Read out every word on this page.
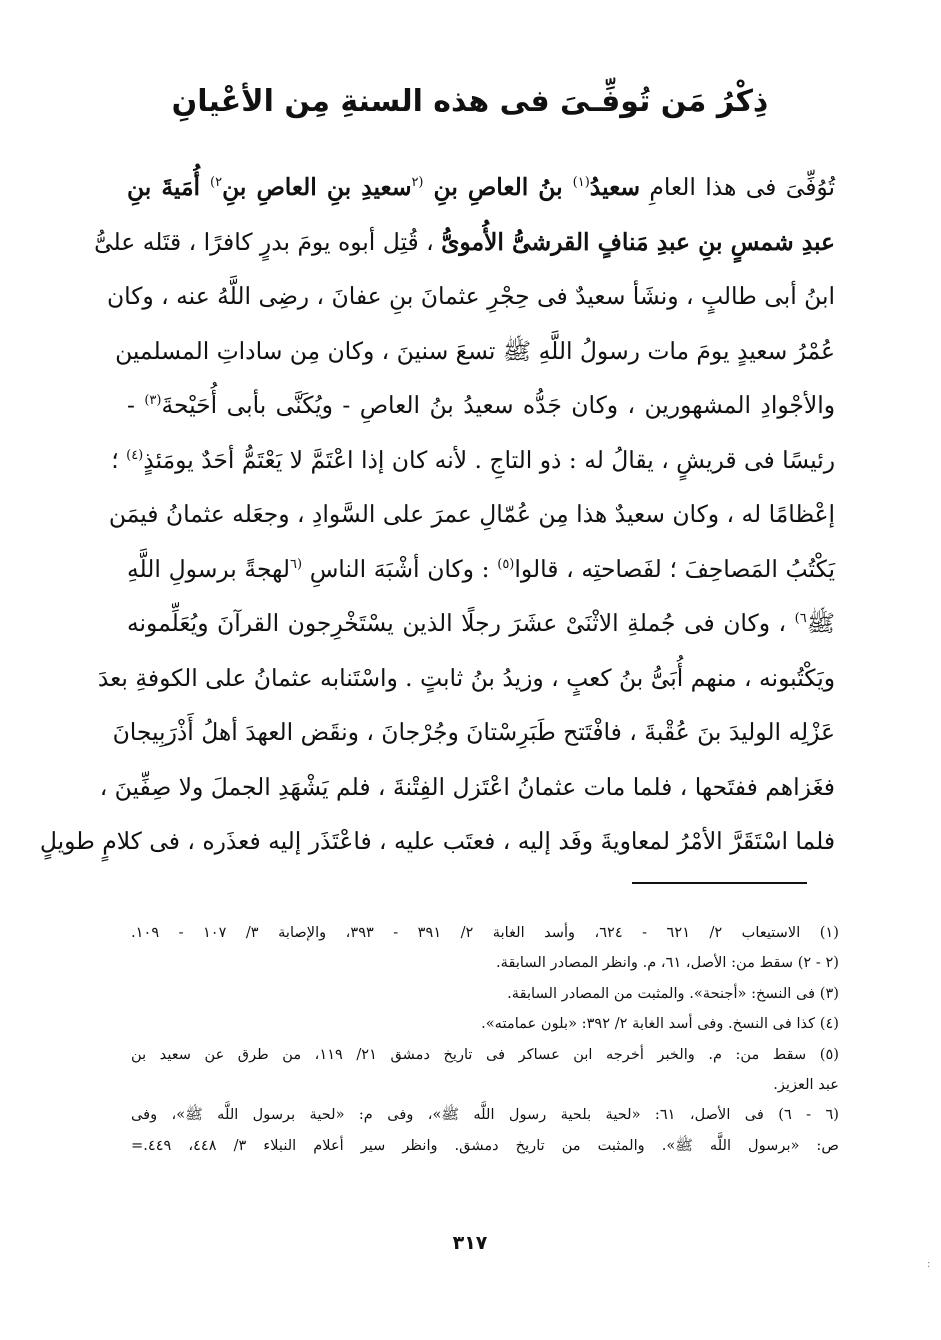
ذِكْرُ مَن تُوفِّـىَ فى هذه السنةِ مِن الأعْيانِ
تُوُفِّىَ فى هذا العامِ سعيدُ$^{(١)}$ بنُ العاصِ بنِ $^{(٢}$سعيدِ بنِ العاصِ بنِ$^{٢)}$ أُمَيةَ بنِ
عبدِ شمسٍ بنِ عبدِ مَنافٍ القرشىُّ الأُموىُّ ، قُتِل أبوه يومَ بدرٍ كافرًا ، قتَله علىُّ
ابنُ أبى طالبٍ ، ونشَأ سعيدٌ فى حِجْرِ عثمانَ بنِ عفانَ ، رضِى اللَّهُ عنه ، وكان
عُمْرُ سعيدٍ يومَ مات رسولُ اللَّهِ ﷺ تسعَ سنينَ ، وكان مِن ساداتِ المسلمين
والأجْوادِ المشهورين ، وكان جَدُّه سعيدُ بنُ العاصِ - ويُكَنَّى بأبى أُحَيْحةَ$^{(٣)}$ -
رئيسًا فى قريشٍ ، يقالُ له : ذو التاجِ . لأنه كان إذا اعْتَمَّ لا يَعْتَمُّ أحَدٌ يومَئذٍ$^{(٤)}$ ؛
إعْظامًا له ، وكان سعيدٌ هذا مِن عُمّالِ عمرَ على السَّوادِ ، وجعَله عثمانُ فيمَن
يَكْتُبُ المَصاحِفَ ؛ لفَصاحتِه ، قالوا$^{(٥)}$ : وكان أشْبَهَ الناسِ $^{(٦}$لهجةً برسولِ اللَّهِ
ﷺ$^{٦)}$ ، وكان فى جُملةِ الاثْنَىْ عشَرَ رجلًا الذين يسْتَخْرِجون القرآنَ ويُعَلِّمونه
ويَكْتُبونه ، منهم أُبَىُّ بنُ كعبٍ ، وزيدُ بنُ ثابتٍ . واسْتَنابه عثمانُ على الكوفةِ بعدَ
عَزْلِه الوليدَ بنَ عُقْبةَ ، فافْتَتح طَبَرِسْتانَ وجُرْجانَ ، ونقَض العهدَ أهلُ أَذْرَبِيجانَ
فغَزاهم ففتَحها ، فلما مات عثمانُ اعْتَزل الفِتْنةَ ، فلم يَشْهَدِ الجملَ ولا صِفِّينَ ،
فلما اسْتَقَرَّ الأمْرُ لمعاويةَ وفَد إليه ، فعتَب عليه ، فاعْتَذَر إليه فعذَره ، فى كلامٍ طويلٍ
(١) الاستيعاب ٢/ ٦٢١ - ٦٢٤، وأسد الغابة ٢/ ٣٩١ - ٣٩٣، والإصابة ٣/ ١٠٧ - ١٠٩.
(٢ - ٢) سقط من: الأصل، ٦١، م. وانظر المصادر السابقة.
(٣) فى النسخ: «أجنحة». والمثبت من المصادر السابقة.
(٤) كذا فى النسخ. وفى أسد الغابة ٢/ ٣٩٢: «بلون عمامته».
(٥) سقط من: م. والخبر أخرجه ابن عساكر فى تاريخ دمشق ٢١/ ١١٩، من طرق عن سعيد بن
عبد العزيز.
(٦ - ٦) فى الأصل، ٦١: «لحية بلحية رسول اللَّه ﷺ»، وفى م: «لحية برسول اللَّه ﷺ»، وفى
ص: «برسول اللَّه ﷺ». والمثبت من تاريخ دمشق. وانظر سير أعلام النبلاء ٣/ ٤٤٨، ٤٤٩.=
٣١٧
:
